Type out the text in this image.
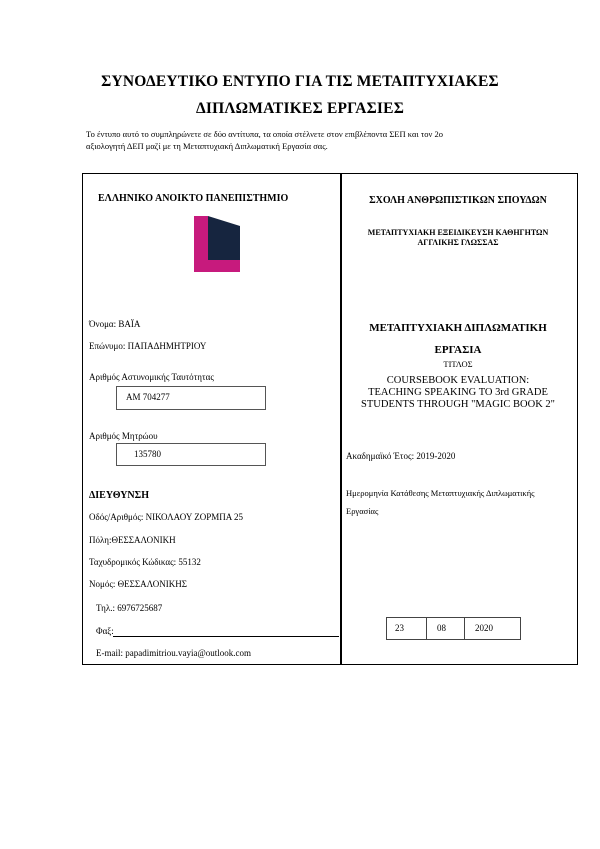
ΣΥΝΟΔΕΥΤΙΚΟ ΕΝΤΥΠΟ ΓΙΑ ΤΙΣ ΜΕΤΑΠΤΥΧΙΑΚΕΣ
ΔΙΠΛΩΜΑΤΙΚΕΣ ΕΡΓΑΣΙΕΣ
Το έντυπο αυτό το συμπληρώνετε σε δύο αντίτυπα, τα οποία στέλνετε στον επιβλέποντα ΣΕΠ και τον 2ο
αξιολογητή ΔΕΠ μαζί με τη Μεταπτυχιακή Διπλωματική Εργασία σας.
ΕΛΛΗΝΙΚΟ ΑΝΟΙΚΤΟ ΠΑΝΕΠΙΣΤΗΜΙΟ
Όνομα: ΒΑΪΑ
Επώνυμο: ΠΑΠΑΔΗΜΗΤΡΙΟΥ
Αριθμός Αστυνομικής Ταυτότητας
ΑΜ 704277
Αριθμός Μητρώου
135780
ΔΙΕΥΘΥΝΣΗ
Οδός/Αριθμός: ΝΙΚΟΛΑΟΥ ΖΟΡΜΠΑ 25
Πόλη:ΘΕΣΣΑΛΟΝΙΚΗ
Ταχυδρομικός Κώδικας: 55132
Νομός: ΘΕΣΣΑΛΟΝΙΚΗΣ
Τηλ.: 6976725687
Φαξ:
E-mail: papadimitriou.vayia@outlook.com
ΣΧΟΛΗ ΑΝΘΡΩΠΙΣΤΙΚΩΝ ΣΠΟΥΔΩΝ
ΜΕΤΑΠΤΥΧΙΑΚΗ ΕΞΕΙΔΙΚΕΥΣΗ ΚΑΘΗΓΗΤΩΝ
ΑΓΓΛΙΚΗΣ ΓΛΩΣΣΑΣ
ΜΕΤΑΠΤΥΧΙΑΚΗ ΔΙΠΛΩΜΑΤΙΚΗ
ΕΡΓΑΣΙΑ
ΤΙΤΛΟΣ
COURSEBOOK EVALUATION:
TEACHING SPEAKING TO 3rd GRADE
STUDENTS THROUGH "MAGIC BOOK 2"
Ακαδημαϊκό Έτος: 2019-2020
Ημερομηνία Κατάθεσης Μεταπτυχιακής Διπλωματικής
Εργασίας
23	08	2020
